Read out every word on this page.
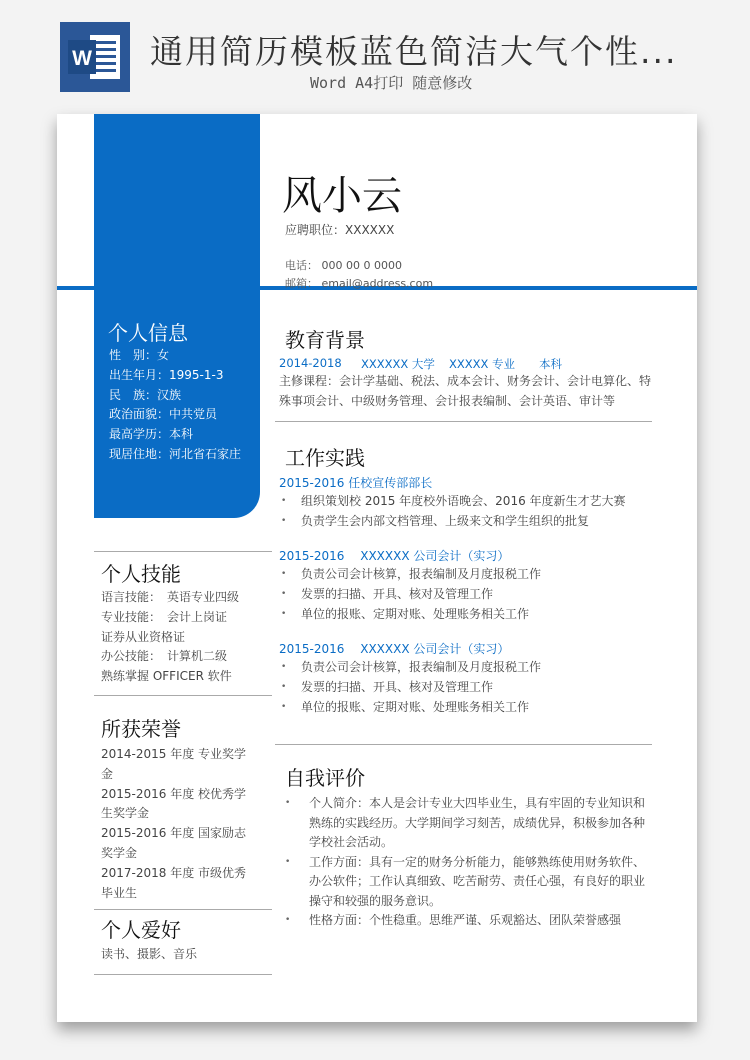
W 通用简历模板蓝色简洁大气个性...
Word A4打印 随意修改
风小云
应聘职位：XXXXXX
电话： 000 00 0 0000
邮箱： email@address.com
个人信息
性　别：女
出生年月：1995-1-3
民　族：汉族
政治面貌：中共党员
最高学历：本科
现居住地：河北省石家庄
个人技能
语言技能：　英语专业四级
专业技能：　会计上岗证
证券从业资格证
办公技能：　计算机二级
熟练掌握 OFFICER 软件
所获荣誉
2014-2015 年度 专业奖学金
2015-2016 年度 校优秀学生奖学金
2015-2016 年度 国家励志奖学金
2017-2018 年度 市级优秀毕业生
个人爱好
读书、摄影、音乐
教育背景
2014-2018 XXXXXX 大学 XXXXX 专业 本科
主修课程：会计学基础、税法、成本会计、财务会计、会计电算化、特殊事项会计、中级财务管理、会计报表编制、会计英语、审计等
工作实践
2015-2016 任校宣传部部长
• 组织策划校 2015 年度校外语晚会、2016 年度新生才艺大赛
• 负责学生会内部文档管理、上级来文和学生组织的批复
2015-2016　 XXXXXX 公司会计（实习）
• 负责公司会计核算，报表编制及月度报税工作
• 发票的扫描、开具、核对及管理工作
• 单位的报账、定期对账、处理账务相关工作
2015-2016　 XXXXXX 公司会计（实习）
• 负责公司会计核算，报表编制及月度报税工作
• 发票的扫描、开具、核对及管理工作
• 单位的报账、定期对账、处理账务相关工作
自我评价
• 个人简介：本人是会计专业大四毕业生，具有牢固的专业知识和熟练的实践经历。大学期间学习刻苦，成绩优异，积极参加各种学校社会活动。
• 工作方面：具有一定的财务分析能力，能够熟练使用财务软件、办公软件；工作认真细致、吃苦耐劳、责任心强，有良好的职业操守和较强的服务意识。
• 性格方面：个性稳重。思维严谨、乐观豁达、团队荣誉感强
